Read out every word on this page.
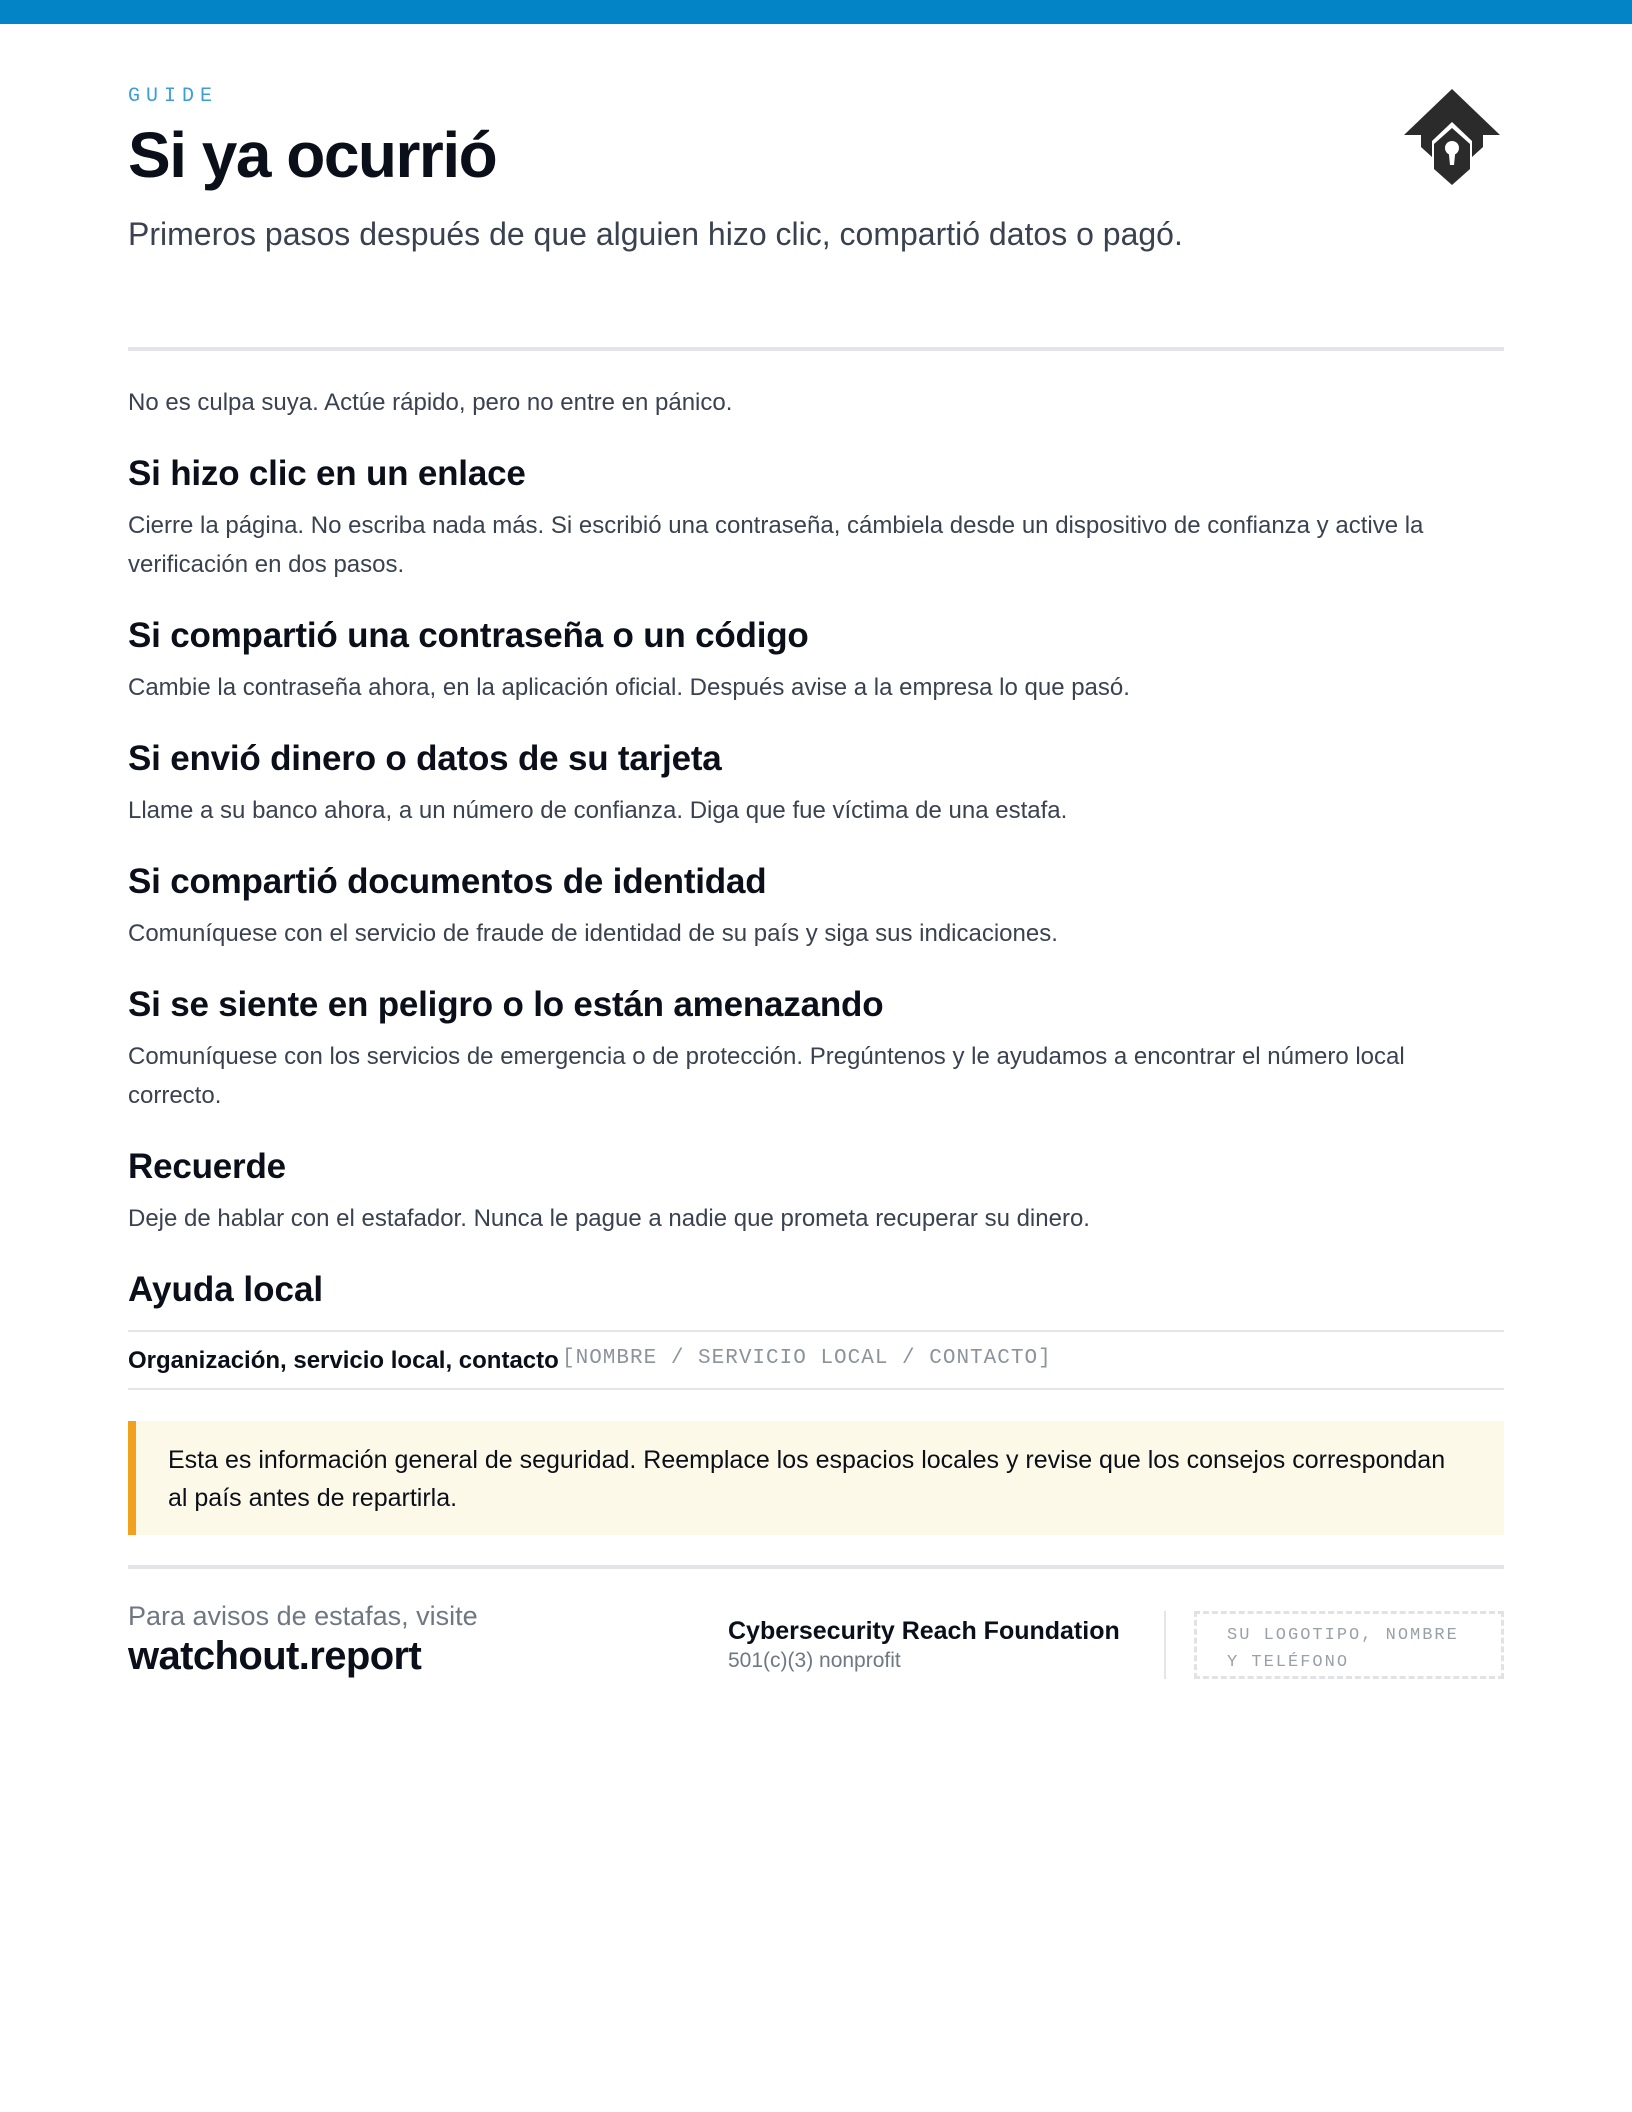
GUIDE
Si ya ocurrió

Primeros pasos después de que alguien hizo clic, compartió datos o pagó.

No es culpa suya. Actúe rápido, pero no entre en pánico.

Si hizo clic en un enlace

Cierre la página. No escriba nada más. Si escribió una contraseña, cámbiela desde un dispositivo de confianza y active la verificación en dos pasos.

Si compartió una contraseña o un código

Cambie la contraseña ahora, en la aplicación oficial. Después avise a la empresa lo que pasó.

Si envió dinero o datos de su tarjeta

Llame a su banco ahora, a un número de confianza. Diga que fue víctima de una estafa.

Si compartió documentos de identidad

Comuníquese con el servicio de fraude de identidad de su país y siga sus indicaciones.

Si se siente en peligro o lo están amenazando

Comuníquese con los servicios de emergencia o de protección. Pregúntenos y le ayudamos a encontrar el número local correcto.

Recuerde

Deje de hablar con el estafador. Nunca le pague a nadie que prometa recuperar su dinero.

Ayuda local
Organización, servicio local, contacto [NOMBRE / SERVICIO LOCAL / CONTACTO]
Esta es información general de seguridad. Reemplace los espacios locales y revise que los consejos correspondan al país antes de repartirla.
Para avisos de estafas, visite
watchout.report
Cybersecurity Reach Foundation
501(c)(3) nonprofit
SU LOGOTIPO, NOMBRE
Y TELÉFONO
